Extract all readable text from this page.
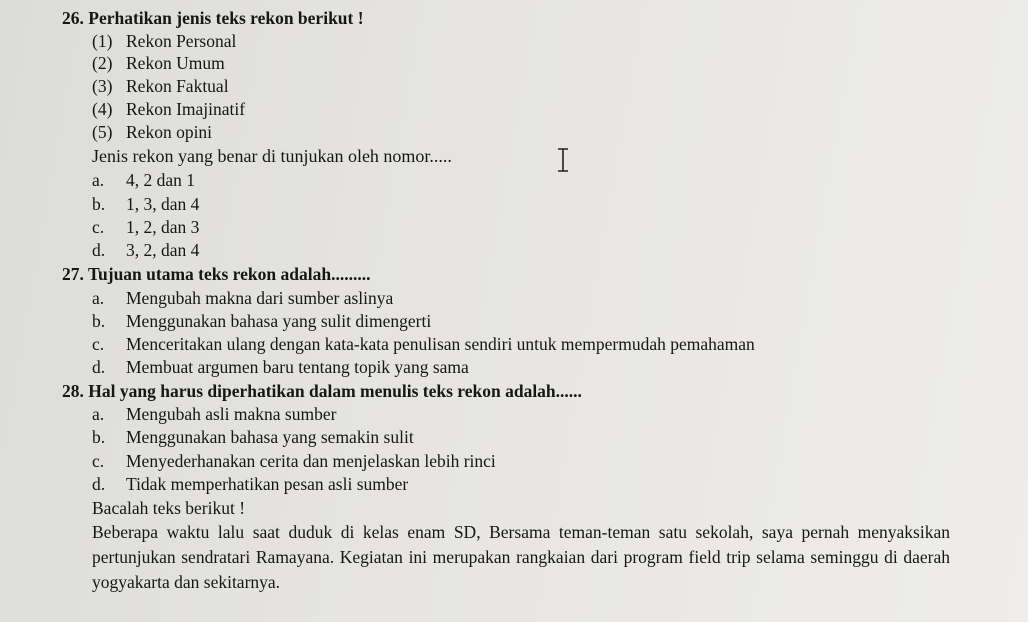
26. Perhatikan jenis teks rekon berikut !
(1) Rekon Personal
(2) Rekon Umum
(3) Rekon Faktual
(4) Rekon Imajinatif
(5) Rekon opini
Jenis rekon yang benar di tunjukan oleh nomor.....
a. 4, 2 dan 1
b. 1, 3, dan 4
c. 1, 2, dan 3
d. 3, 2, dan 4
27. Tujuan utama teks rekon adalah.........
a. Mengubah makna dari sumber aslinya
b. Menggunakan bahasa yang sulit dimengerti
c. Menceritakan ulang dengan kata-kata penulisan sendiri untuk mempermudah pemahaman
d. Membuat argumen baru tentang topik yang sama
28. Hal yang harus diperhatikan dalam menulis teks rekon adalah......
a. Mengubah asli makna sumber
b. Menggunakan bahasa yang semakin sulit
c. Menyederhanakan cerita dan menjelaskan lebih rinci
d. Tidak memperhatikan pesan asli sumber
Bacalah teks berikut !
Beberapa waktu lalu saat duduk di kelas enam SD, Bersama teman-teman satu sekolah, saya pernah menyaksikan pertunjukan sendratari Ramayana. Kegiatan ini merupakan rangkaian dari program field trip selama seminggu di daerah yogyakarta dan sekitarnya.
